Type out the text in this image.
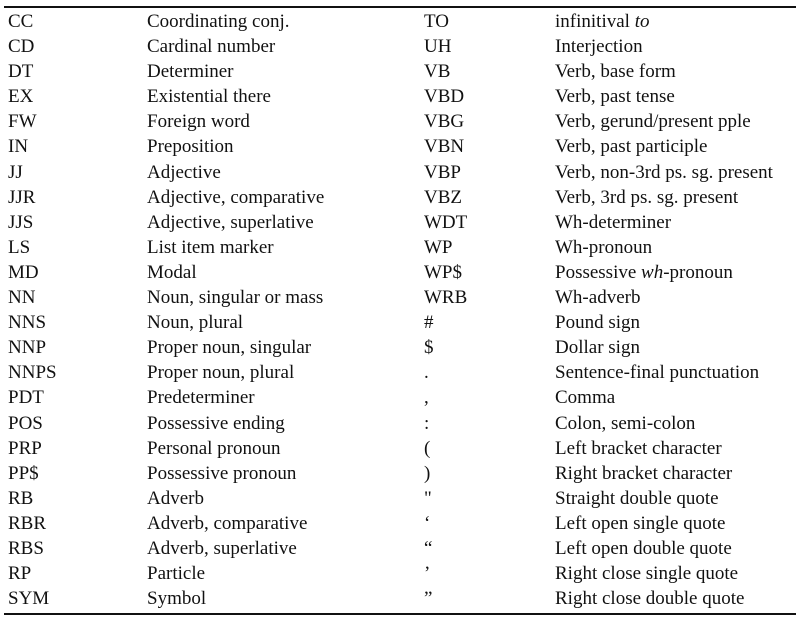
CC	Coordinating conj.	TO	infinitival to
CD	Cardinal number	UH	Interjection
DT	Determiner	VB	Verb, base form
EX	Existential there	VBD	Verb, past tense
FW	Foreign word	VBG	Verb, gerund/present pple
IN	Preposition	VBN	Verb, past participle
JJ	Adjective	VBP	Verb, non-3rd ps. sg. present
JJR	Adjective, comparative	VBZ	Verb, 3rd ps. sg. present
JJS	Adjective, superlative	WDT	Wh-determiner
LS	List item marker	WP	Wh-pronoun
MD	Modal	WP$	Possessive wh-pronoun
NN	Noun, singular or mass	WRB	Wh-adverb
NNS	Noun, plural	#	Pound sign
NNP	Proper noun, singular	$	Dollar sign
NNPS	Proper noun, plural	.	Sentence-final punctuation
PDT	Predeterminer	,	Comma
POS	Possessive ending	:	Colon, semi-colon
PRP	Personal pronoun	(	Left bracket character
PP$	Possessive pronoun	)	Right bracket character
RB	Adverb	"	Straight double quote
RBR	Adverb, comparative	‘	Left open single quote
RBS	Adverb, superlative	“	Left open double quote
RP	Particle	’	Right close single quote
SYM	Symbol	”	Right close double quote
